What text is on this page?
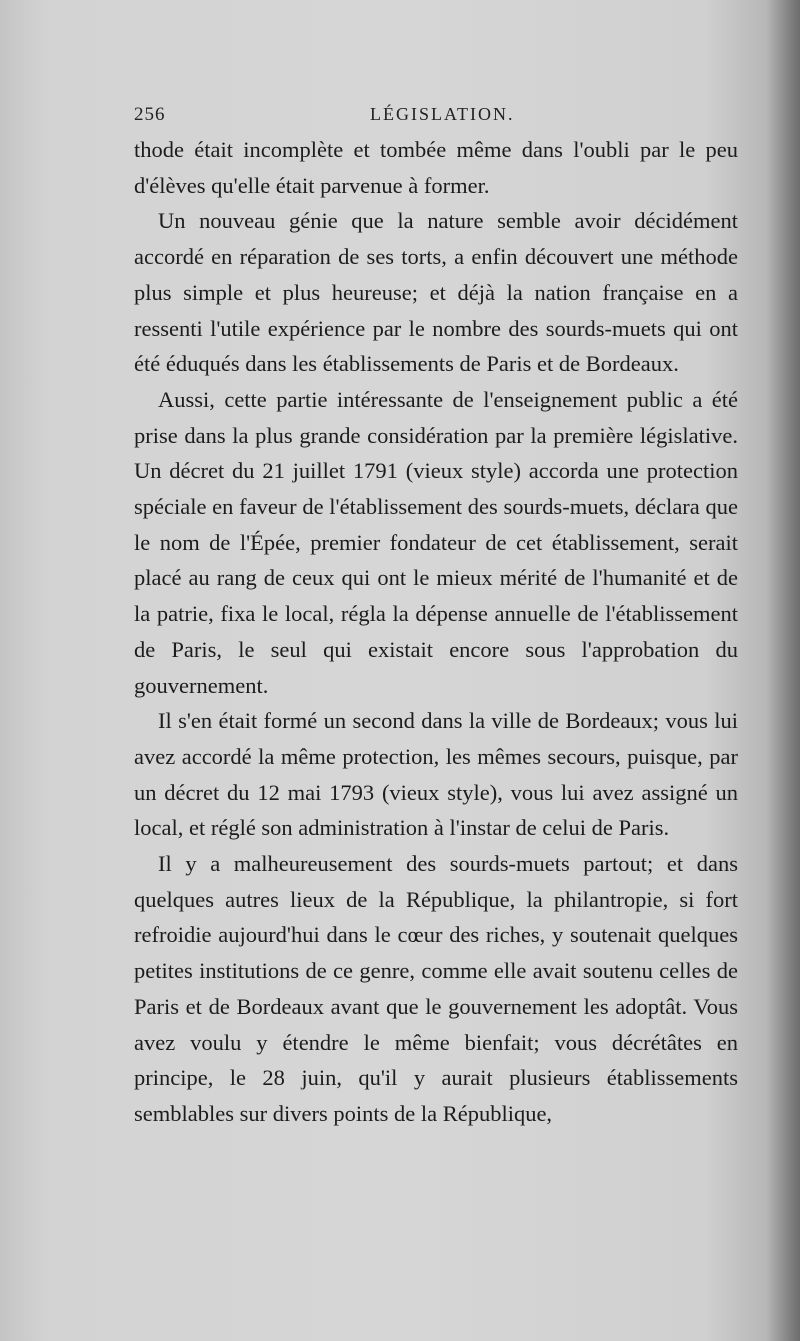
256	LÉGISLATION.

thode était incomplète et tombée même dans l'oubli par le peu d'élèves qu'elle était parvenue à former.

Un nouveau génie que la nature semble avoir décidément accordé en réparation de ses torts, a enfin découvert une méthode plus simple et plus heureuse; et déjà la nation française en a ressenti l'utile expérience par le nombre des sourds-muets qui ont été éduqués dans les établissements de Paris et de Bordeaux.

Aussi, cette partie intéressante de l'enseignement public a été prise dans la plus grande considération par la première législative. Un décret du 21 juillet 1791 (vieux style) accorda une protection spéciale en faveur de l'établissement des sourds-muets, déclara que le nom de l'Épée, premier fondateur de cet établissement, serait placé au rang de ceux qui ont le mieux mérité de l'humanité et de la patrie, fixa le local, régla la dépense annuelle de l'établissement de Paris, le seul qui existait encore sous l'approbation du gouvernement.

Il s'en était formé un second dans la ville de Bordeaux; vous lui avez accordé la même protection, les mêmes secours, puisque, par un décret du 12 mai 1793 (vieux style), vous lui avez assigné un local, et réglé son administration à l'instar de celui de Paris.

Il y a malheureusement des sourds-muets partout; et dans quelques autres lieux de la République, la philantropie, si fort refroidie aujourd'hui dans le cœur des riches, y soutenait quelques petites institutions de ce genre, comme elle avait soutenu celles de Paris et de Bordeaux avant que le gouvernement les adoptât. Vous avez voulu y étendre le même bienfait; vous décrétâtes en principe, le 28 juin, qu'il y aurait plusieurs établissements semblables sur divers points de la République,
